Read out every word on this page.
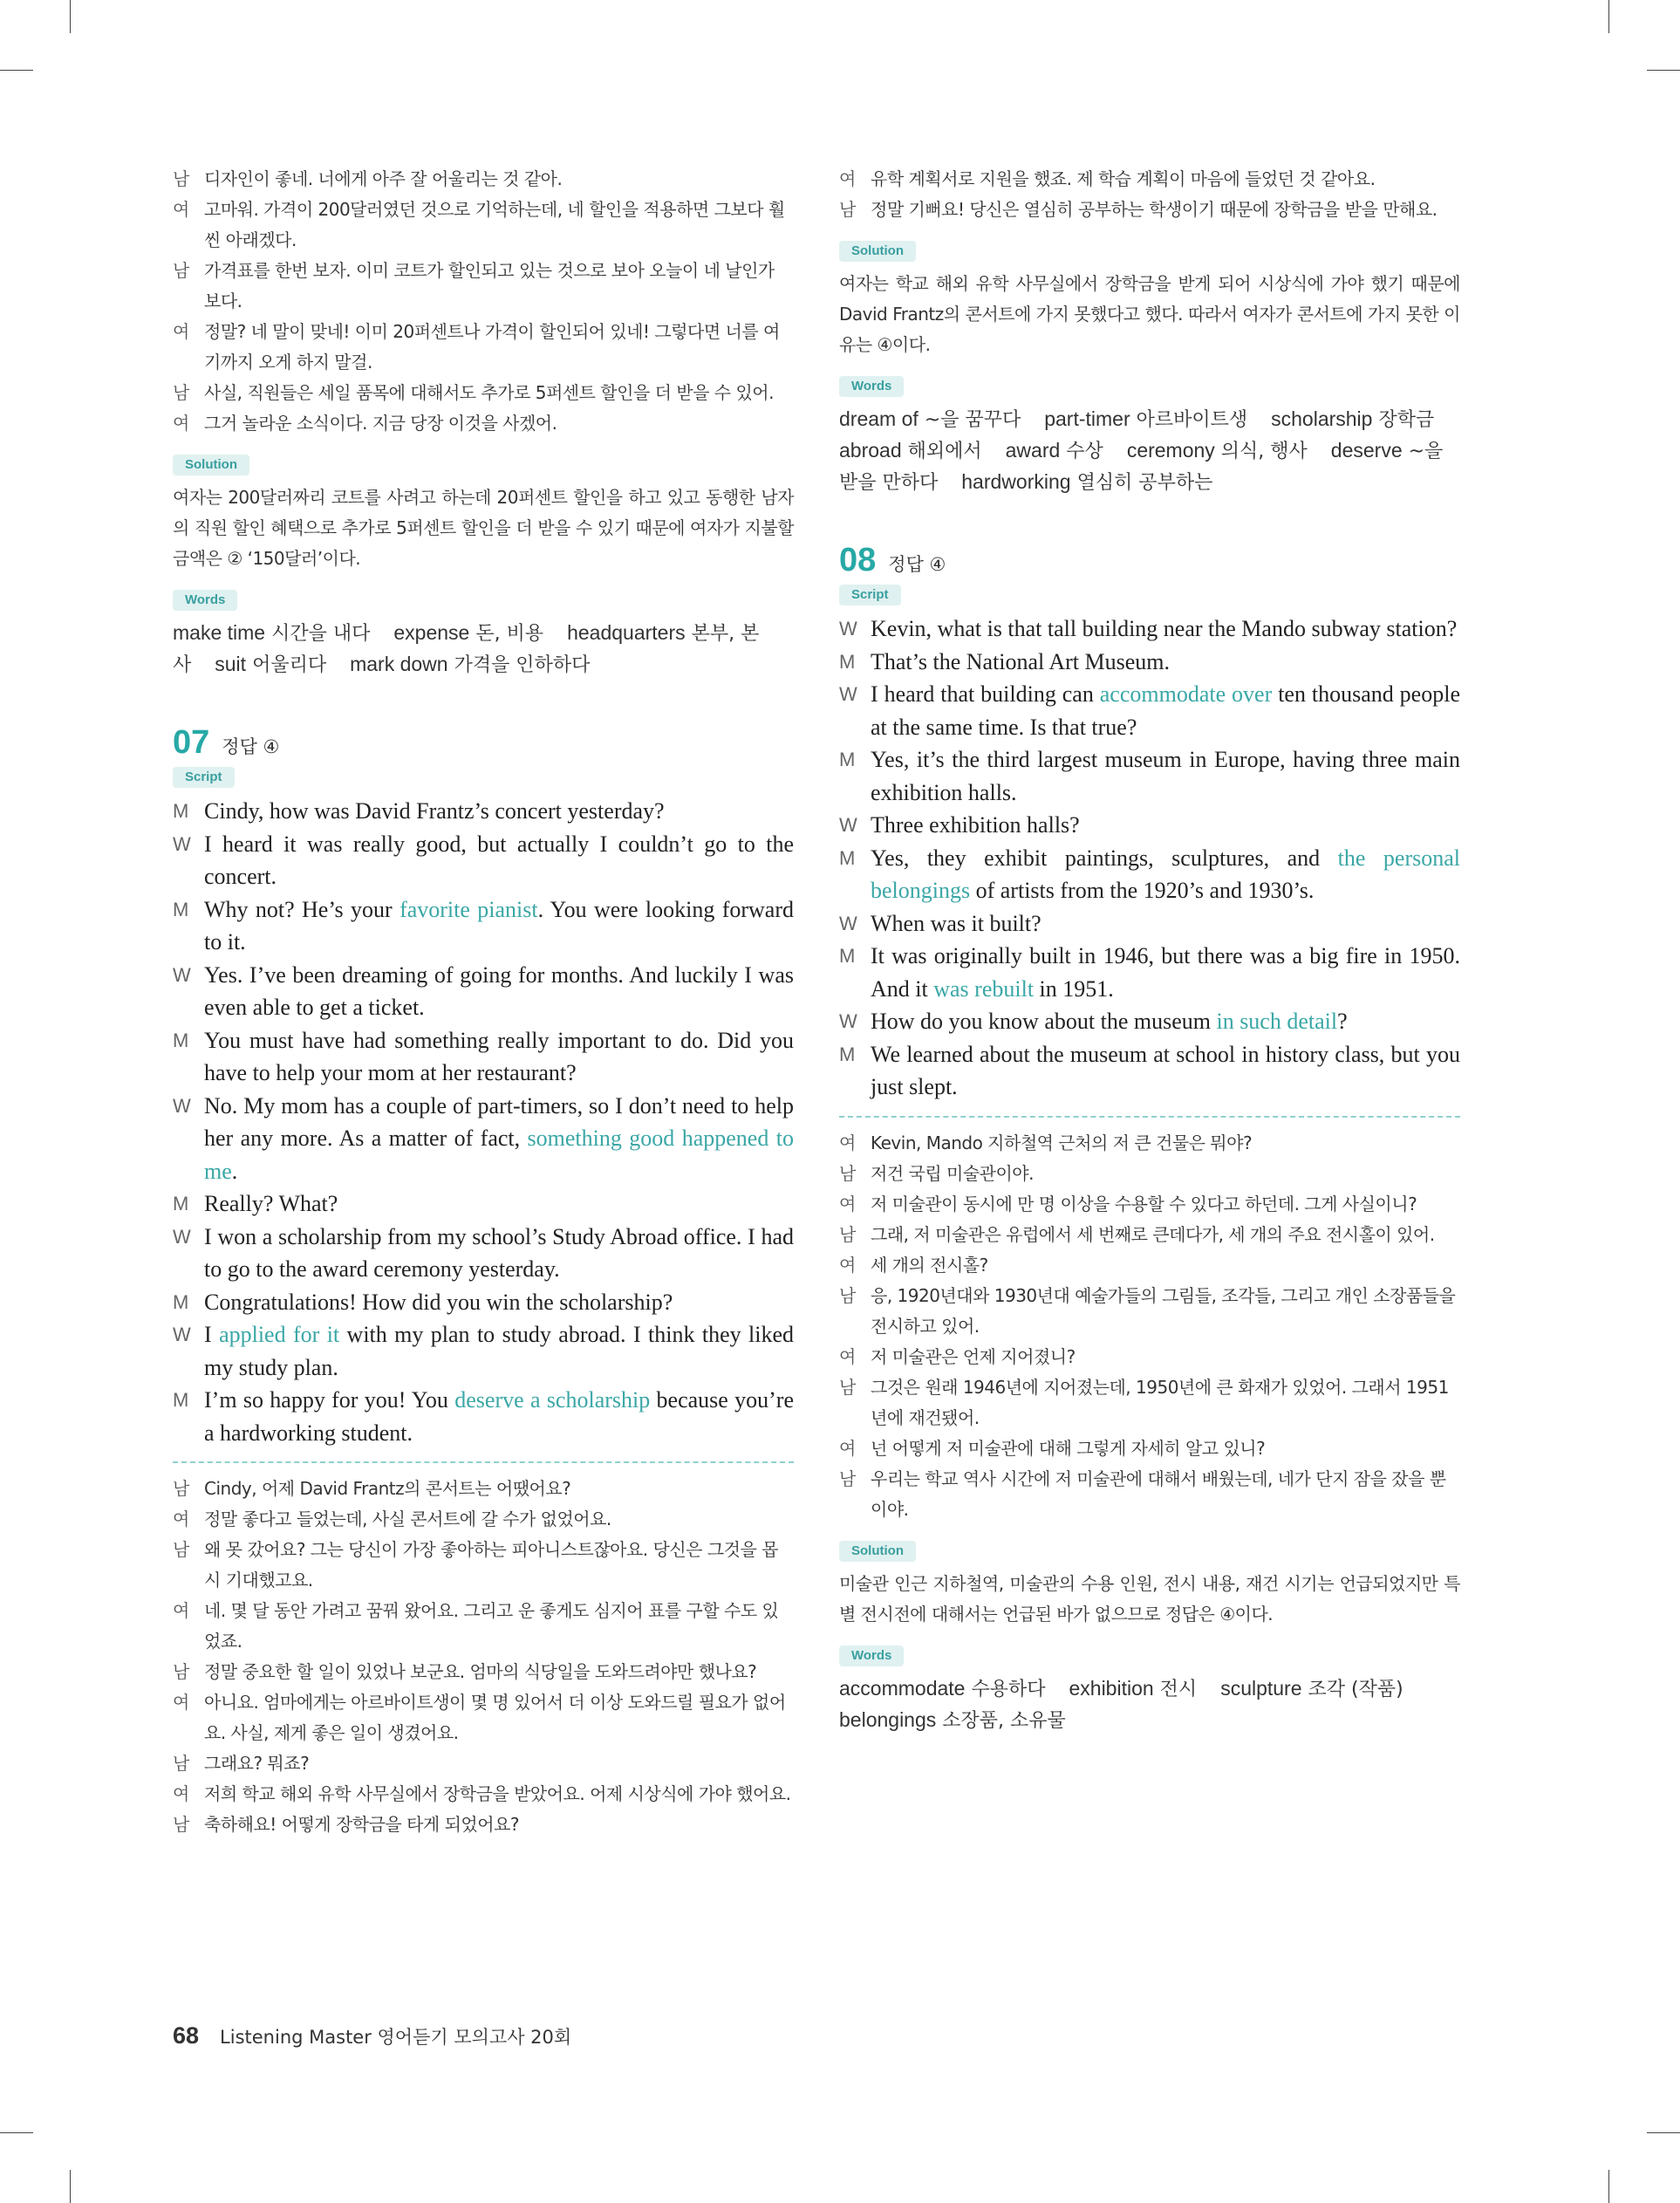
남 디자인이 좋네. 너에게 아주 잘 어울리는 것 같아.
여 고마워. 가격이 200달러였던 것으로 기억하는데, 네 할인을 적용하면 그보다 훨씬 아래겠다.
남 가격표를 한번 보자. 이미 코트가 할인되고 있는 것으로 보아 오늘이 네 날인가 보다.
여 정말? 네 말이 맞네! 이미 20퍼센트나 가격이 할인되어 있네! 그렇다면 너를 여기까지 오게 하지 말걸.
남 사실, 직원들은 세일 품목에 대해서도 추가로 5퍼센트 할인을 더 받을 수 있어.
여 그거 놀라운 소식이다. 지금 당장 이것을 사겠어.
Solution
여자는 200달러짜리 코트를 사려고 하는데 20퍼센트 할인을 하고 있고 동행한 남자의 직원 할인 혜택으로 추가로 5퍼센트 할인을 더 받을 수 있기 때문에 여자가 지불할 금액은 ② ‘150달러’이다.
Words
make time 시간을 내다 expense 돈, 비용 headquarters 본부, 본사 suit 어울리다 mark down 가격을 인하하다
07 정답 ④
Script
M Cindy, how was David Frantz’s concert yesterday?
W I heard it was really good, but actually I couldn’t go to the concert.
M Why not? He’s your favorite pianist. You were looking forward to it.
W Yes. I’ve been dreaming of going for months. And luckily I was even able to get a ticket.
M You must have had something really important to do. Did you have to help your mom at her restaurant?
W No. My mom has a couple of part-timers, so I don’t need to help her any more. As a matter of fact, something good happened to me.
M Really? What?
W I won a scholarship from my school’s Study Abroad office. I had to go to the award ceremony yesterday.
M Congratulations! How did you win the scholarship?
W I applied for it with my plan to study abroad. I think they liked my study plan.
M I’m so happy for you! You deserve a scholarship because you’re a hardworking student.
남 Cindy, 어제 David Frantz의 콘서트는 어땠어요?
여 정말 좋다고 들었는데, 사실 콘서트에 갈 수가 없었어요.
남 왜 못 갔어요? 그는 당신이 가장 좋아하는 피아니스트잖아요. 당신은 그것을 몹시 기대했고요.
여 네. 몇 달 동안 가려고 꿈꿔 왔어요. 그리고 운 좋게도 심지어 표를 구할 수도 있었죠.
남 정말 중요한 할 일이 있었나 보군요. 엄마의 식당일을 도와드려야만 했나요?
여 아니요. 엄마에게는 아르바이트생이 몇 명 있어서 더 이상 도와드릴 필요가 없어요. 사실, 제게 좋은 일이 생겼어요.
남 그래요? 뭐죠?
여 저희 학교 해외 유학 사무실에서 장학금을 받았어요. 어제 시상식에 가야 했어요.
남 축하해요! 어떻게 장학금을 타게 되었어요?
여 유학 계획서로 지원을 했죠. 제 학습 계획이 마음에 들었던 것 같아요.
남 정말 기뻐요! 당신은 열심히 공부하는 학생이기 때문에 장학금을 받을 만해요.
Solution
여자는 학교 해외 유학 사무실에서 장학금을 받게 되어 시상식에 가야 했기 때문에 David Frantz의 콘서트에 가지 못했다고 했다. 따라서 여자가 콘서트에 가지 못한 이유는 ④이다.
Words
dream of ~을 꿈꾸다 part-timer 아르바이트생 scholarship 장학금 abroad 해외에서 award 수상 ceremony 의식, 행사 deserve ~을 받을 만하다 hardworking 열심히 공부하는
08 정답 ④
Script
W Kevin, what is that tall building near the Mando subway station?
M That’s the National Art Museum.
W I heard that building can accommodate over ten thousand people at the same time. Is that true?
M Yes, it’s the third largest museum in Europe, having three main exhibition halls.
W Three exhibition halls?
M Yes, they exhibit paintings, sculptures, and the personal belongings of artists from the 1920’s and 1930’s.
W When was it built?
M It was originally built in 1946, but there was a big fire in 1950. And it was rebuilt in 1951.
W How do you know about the museum in such detail?
M We learned about the museum at school in history class, but you just slept.
여 Kevin, Mando 지하철역 근처의 저 큰 건물은 뭐야?
남 저건 국립 미술관이야.
여 저 미술관이 동시에 만 명 이상을 수용할 수 있다고 하던데. 그게 사실이니?
남 그래, 저 미술관은 유럽에서 세 번째로 큰데다가, 세 개의 주요 전시홀이 있어.
여 세 개의 전시홀?
남 응, 1920년대와 1930년대 예술가들의 그림들, 조각들, 그리고 개인 소장품들을 전시하고 있어.
여 저 미술관은 언제 지어졌니?
남 그것은 원래 1946년에 지어졌는데, 1950년에 큰 화재가 있었어. 그래서 1951년에 재건됐어.
여 넌 어떻게 저 미술관에 대해 그렇게 자세히 알고 있니?
남 우리는 학교 역사 시간에 저 미술관에 대해서 배웠는데, 네가 단지 잠을 잤을 뿐이야.
Solution
미술관 인근 지하철역, 미술관의 수용 인원, 전시 내용, 재건 시기는 언급되었지만 특별 전시전에 대해서는 언급된 바가 없으므로 정답은 ④이다.
Words
accommodate 수용하다 exhibition 전시 sculpture 조각 (작품) belongings 소장품, 소유물
68 Listening Master 영어듣기 모의고사 20회
